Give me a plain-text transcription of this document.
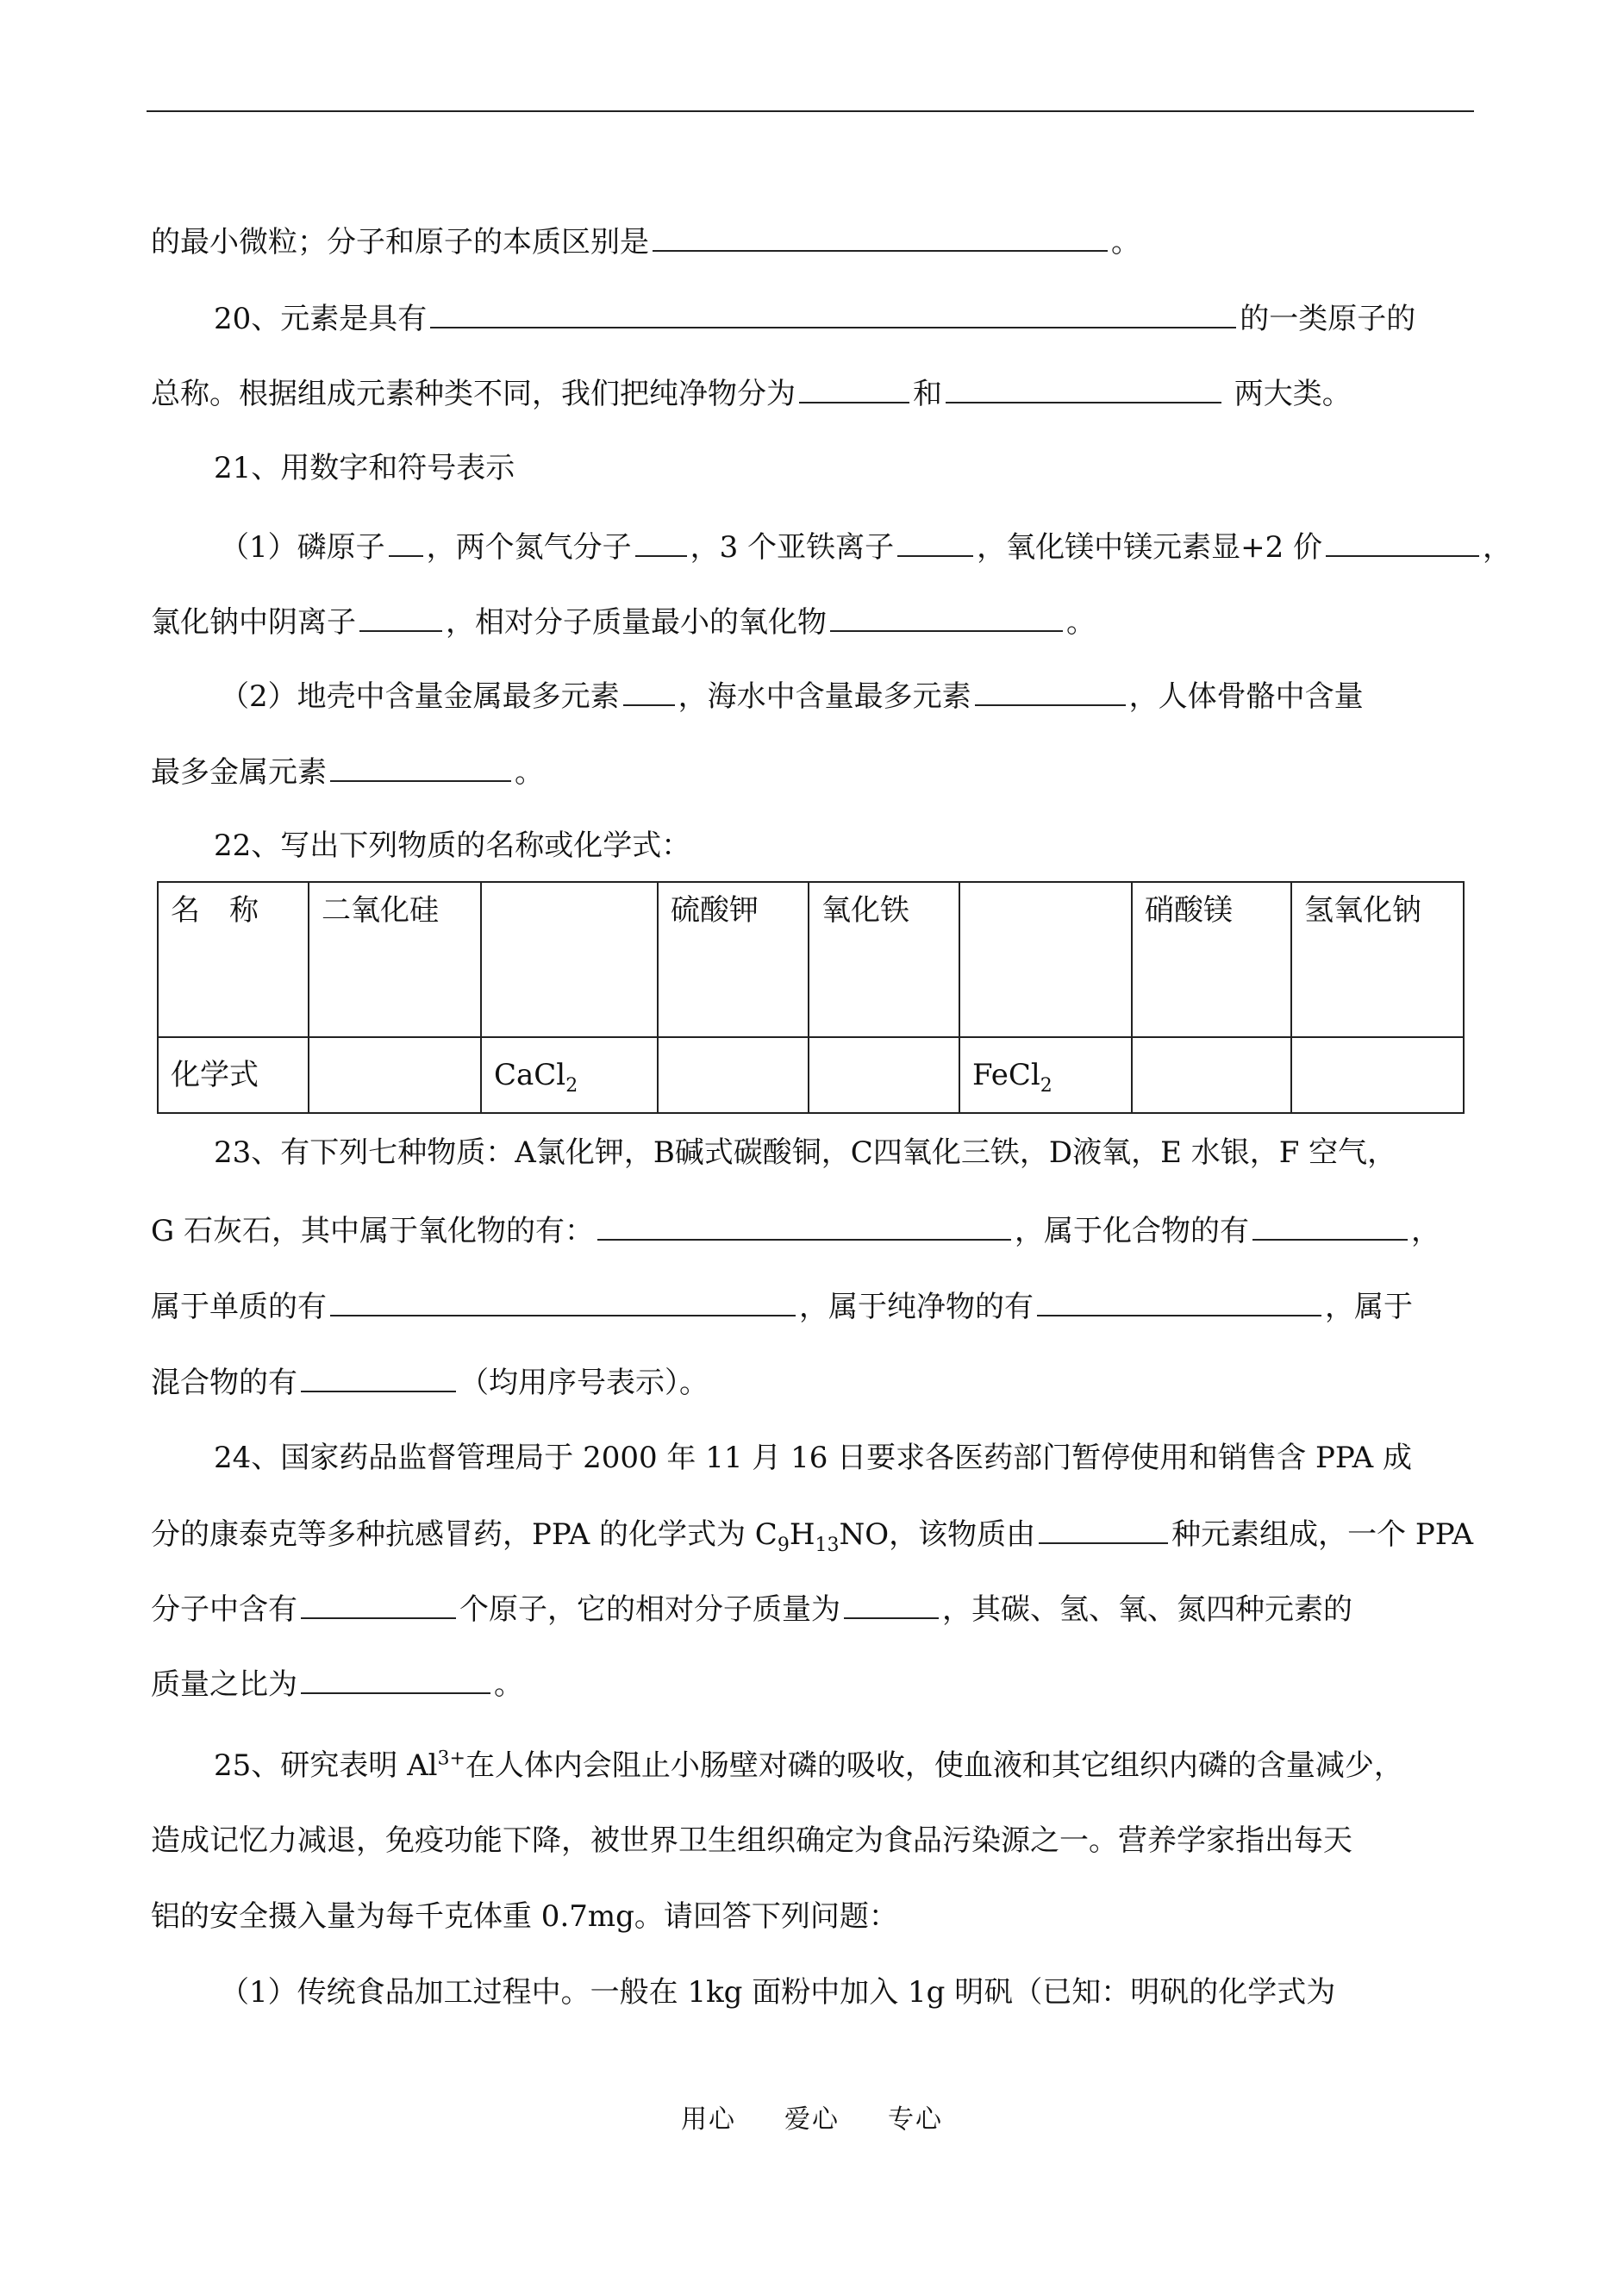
的最小微粒；分子和原子的本质区别是	。
20、元素是具有	的一类原子的
总称。根据组成元素种类不同，我们把纯净物分为	和	两大类。
21、用数字和符号表示
（1）磷原子 ，两个氮气分子 ，3 个亚铁离子	，氧化镁中镁元素显+2 价	，
氯化钠中阴离子	，相对分子质量最小的氧化物	。
（2）地壳中含量金属最多元素 ，海水中含量最多元素	，人体骨骼中含量
最多金属元素	。
22、写出下列物质的名称或化学式：
名　称	二氧化硅		硫酸钾	氧化铁		硝酸镁	氢氧化钠
化学式		CaCl$_2$			FeCl$_2$		
23、有下列七种物质：A氯化钾，B碱式碳酸铜，C四氧化三铁，D液氧，E 水银，F 空气，
G 石灰石，其中属于氧化物的有：	，属于化合物的有	，
属于单质的有	，属于纯净物的有	，属于
混合物的有	（均用序号表示）。
24、国家药品监督管理局于 2000 年 11 月 16 日要求各医药部门暂停使用和销售含 PPA 成
分的康泰克等多种抗感冒药，PPA 的化学式为 $C_9H_{13}NO$，该物质由	种元素组成，一个 PPA
分子中含有	个原子，它的相对分子质量为	，其碳、氢、氧、氮四种元素的
质量之比为	。
25、研究表明 $Al^{3+}$在人体内会阻止小肠壁对磷的吸收，使血液和其它组织内磷的含量减少，
造成记忆力减退，免疫功能下降，被世界卫生组织确定为食品污染源之一。营养学家指出每天
铝的安全摄入量为每千克体重 0.7mg。请回答下列问题：
（1）传统食品加工过程中。一般在 1kg 面粉中加入 1g 明矾（已知：明矾的化学式为
用心 爱心 专心
